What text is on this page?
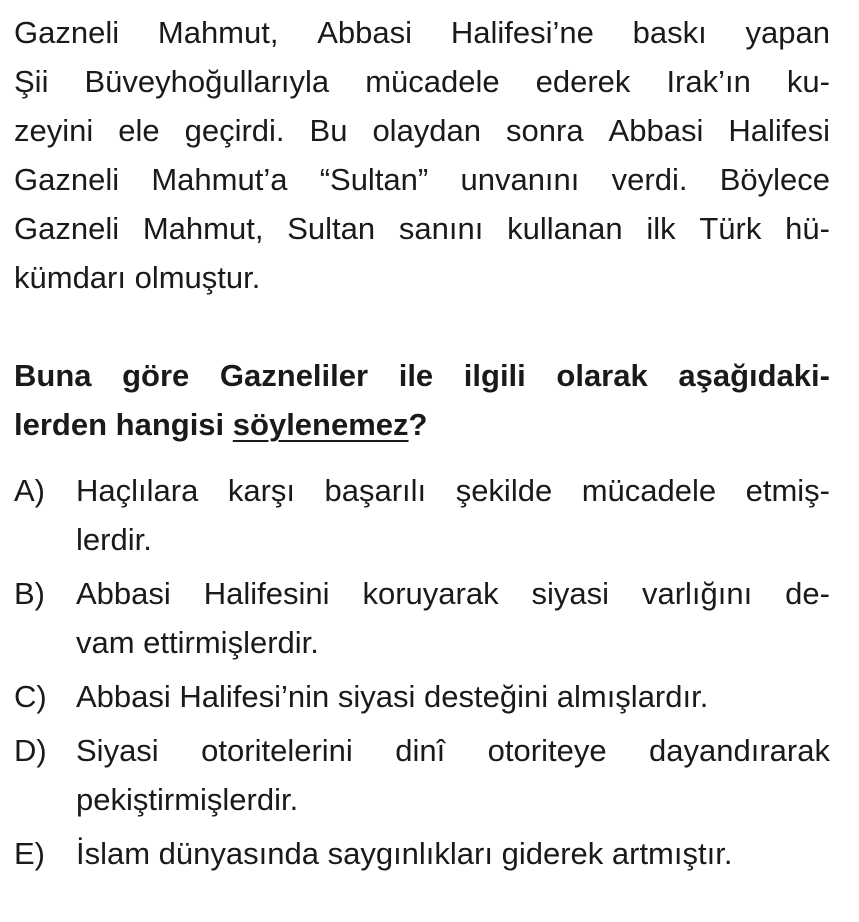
Gazneli Mahmut, Abbasi Halifesi’ne baskı yapan
Şii Büveyhoğullarıyla mücadele ederek Irak’ın ku-
zeyini ele geçirdi. Bu olaydan sonra Abbasi Halifesi
Gazneli Mahmut’a “Sultan” unvanını verdi. Böylece
Gazneli Mahmut, Sultan sanını kullanan ilk Türk hü-
kümdarı olmuştur.
Buna göre Gazneliler ile ilgili olarak aşağıdaki-
lerden hangisi söylenemez?
A) Haçlılara karşı başarılı şekilde mücadele etmiş-
lerdir.
B) Abbasi Halifesini koruyarak siyasi varlığını de-
vam ettirmişlerdir.
C) Abbasi Halifesi’nin siyasi desteğini almışlardır.
D) Siyasi otoritelerini dinî otoriteye dayandırarak
pekiştirmişlerdir.
E) İslam dünyasında saygınlıkları giderek artmıştır.
